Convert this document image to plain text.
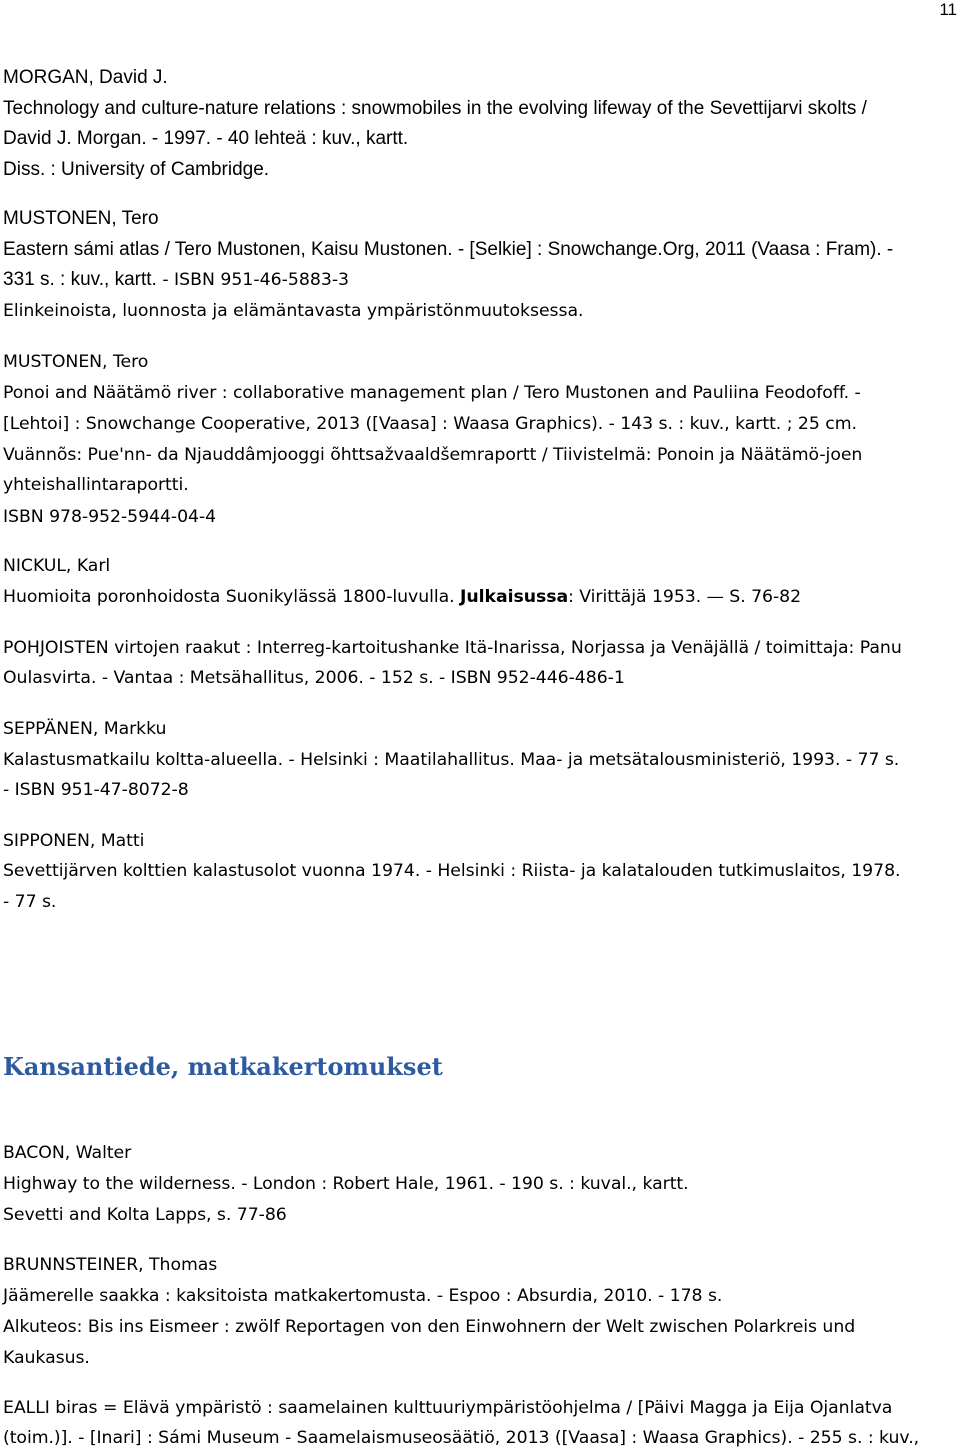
11
MORGAN, David J.
Technology and culture-nature relations : snowmobiles in the evolving lifeway of the Sevettijarvi skolts /
David J. Morgan. - 1997. - 40 lehteä : kuv., kartt.
Diss. : University of Cambridge.
MUSTONEN, Tero
Eastern sámi atlas / Tero Mustonen, Kaisu Mustonen. - [Selkie] : Snowchange.Org, 2011 (Vaasa : Fram). -
331 s. : kuv., kartt. - ISBN 951-46-5883-3
Elinkeinoista, luonnosta ja elämäntavasta ympäristönmuutoksessa.
MUSTONEN, Tero
Ponoi and Näätämö river : collaborative management plan / Tero Mustonen and Pauliina Feodofoff. -
[Lehtoi] : Snowchange Cooperative, 2013 ([Vaasa] : Waasa Graphics). - 143 s. : kuv., kartt. ; 25 cm.
Vuännõs: Pue'nn- da Njauddâmjooggi õhttsažvaaldšemraportt / Tiivistelmä: Ponoin ja Näätämö-joen
yhteishallintaraportti.
ISBN 978-952-5944-04-4
NICKUL, Karl
Huomioita poronhoidosta Suonikylässä 1800-luvulla. Julkaisussa: Virittäjä 1953. — S. 76-82
POHJOISTEN virtojen raakut : Interreg-kartoitushanke Itä-Inarissa, Norjassa ja Venäjällä / toimittaja: Panu
Oulasvirta. - Vantaa : Metsähallitus, 2006. - 152 s. - ISBN 952-446-486-1
SEPPÄNEN, Markku
Kalastusmatkailu koltta-alueella. - Helsinki : Maatilahallitus. Maa- ja metsätalousministeriö, 1993. - 77 s.
- ISBN 951-47-8072-8
SIPPONEN, Matti
Sevettijärven kolttien kalastusolot vuonna 1974. - Helsinki : Riista- ja kalatalouden tutkimuslaitos, 1978.
- 77 s.
Kansantiede, matkakertomukset
BACON, Walter
Highway to the wilderness. - London : Robert Hale, 1961. - 190 s. : kuval., kartt.
Sevetti and Kolta Lapps, s. 77-86
BRUNNSTEINER, Thomas
Jäämerelle saakka : kaksitoista matkakertomusta. - Espoo : Absurdia, 2010. - 178 s.
Alkuteos: Bis ins Eismeer : zwölf Reportagen von den Einwohnern der Welt zwischen Polarkreis und
Kaukasus.
EALLI biras = Elävä ympäristö : saamelainen kulttuuriympäristöohjelma / [Päivi Magga ja Eija Ojanlatva
(toim.)]. - [Inari] : Sámi Museum - Saamelaismuseosäätiö, 2013 ([Vaasa] : Waasa Graphics). - 255 s. : kuv.,
